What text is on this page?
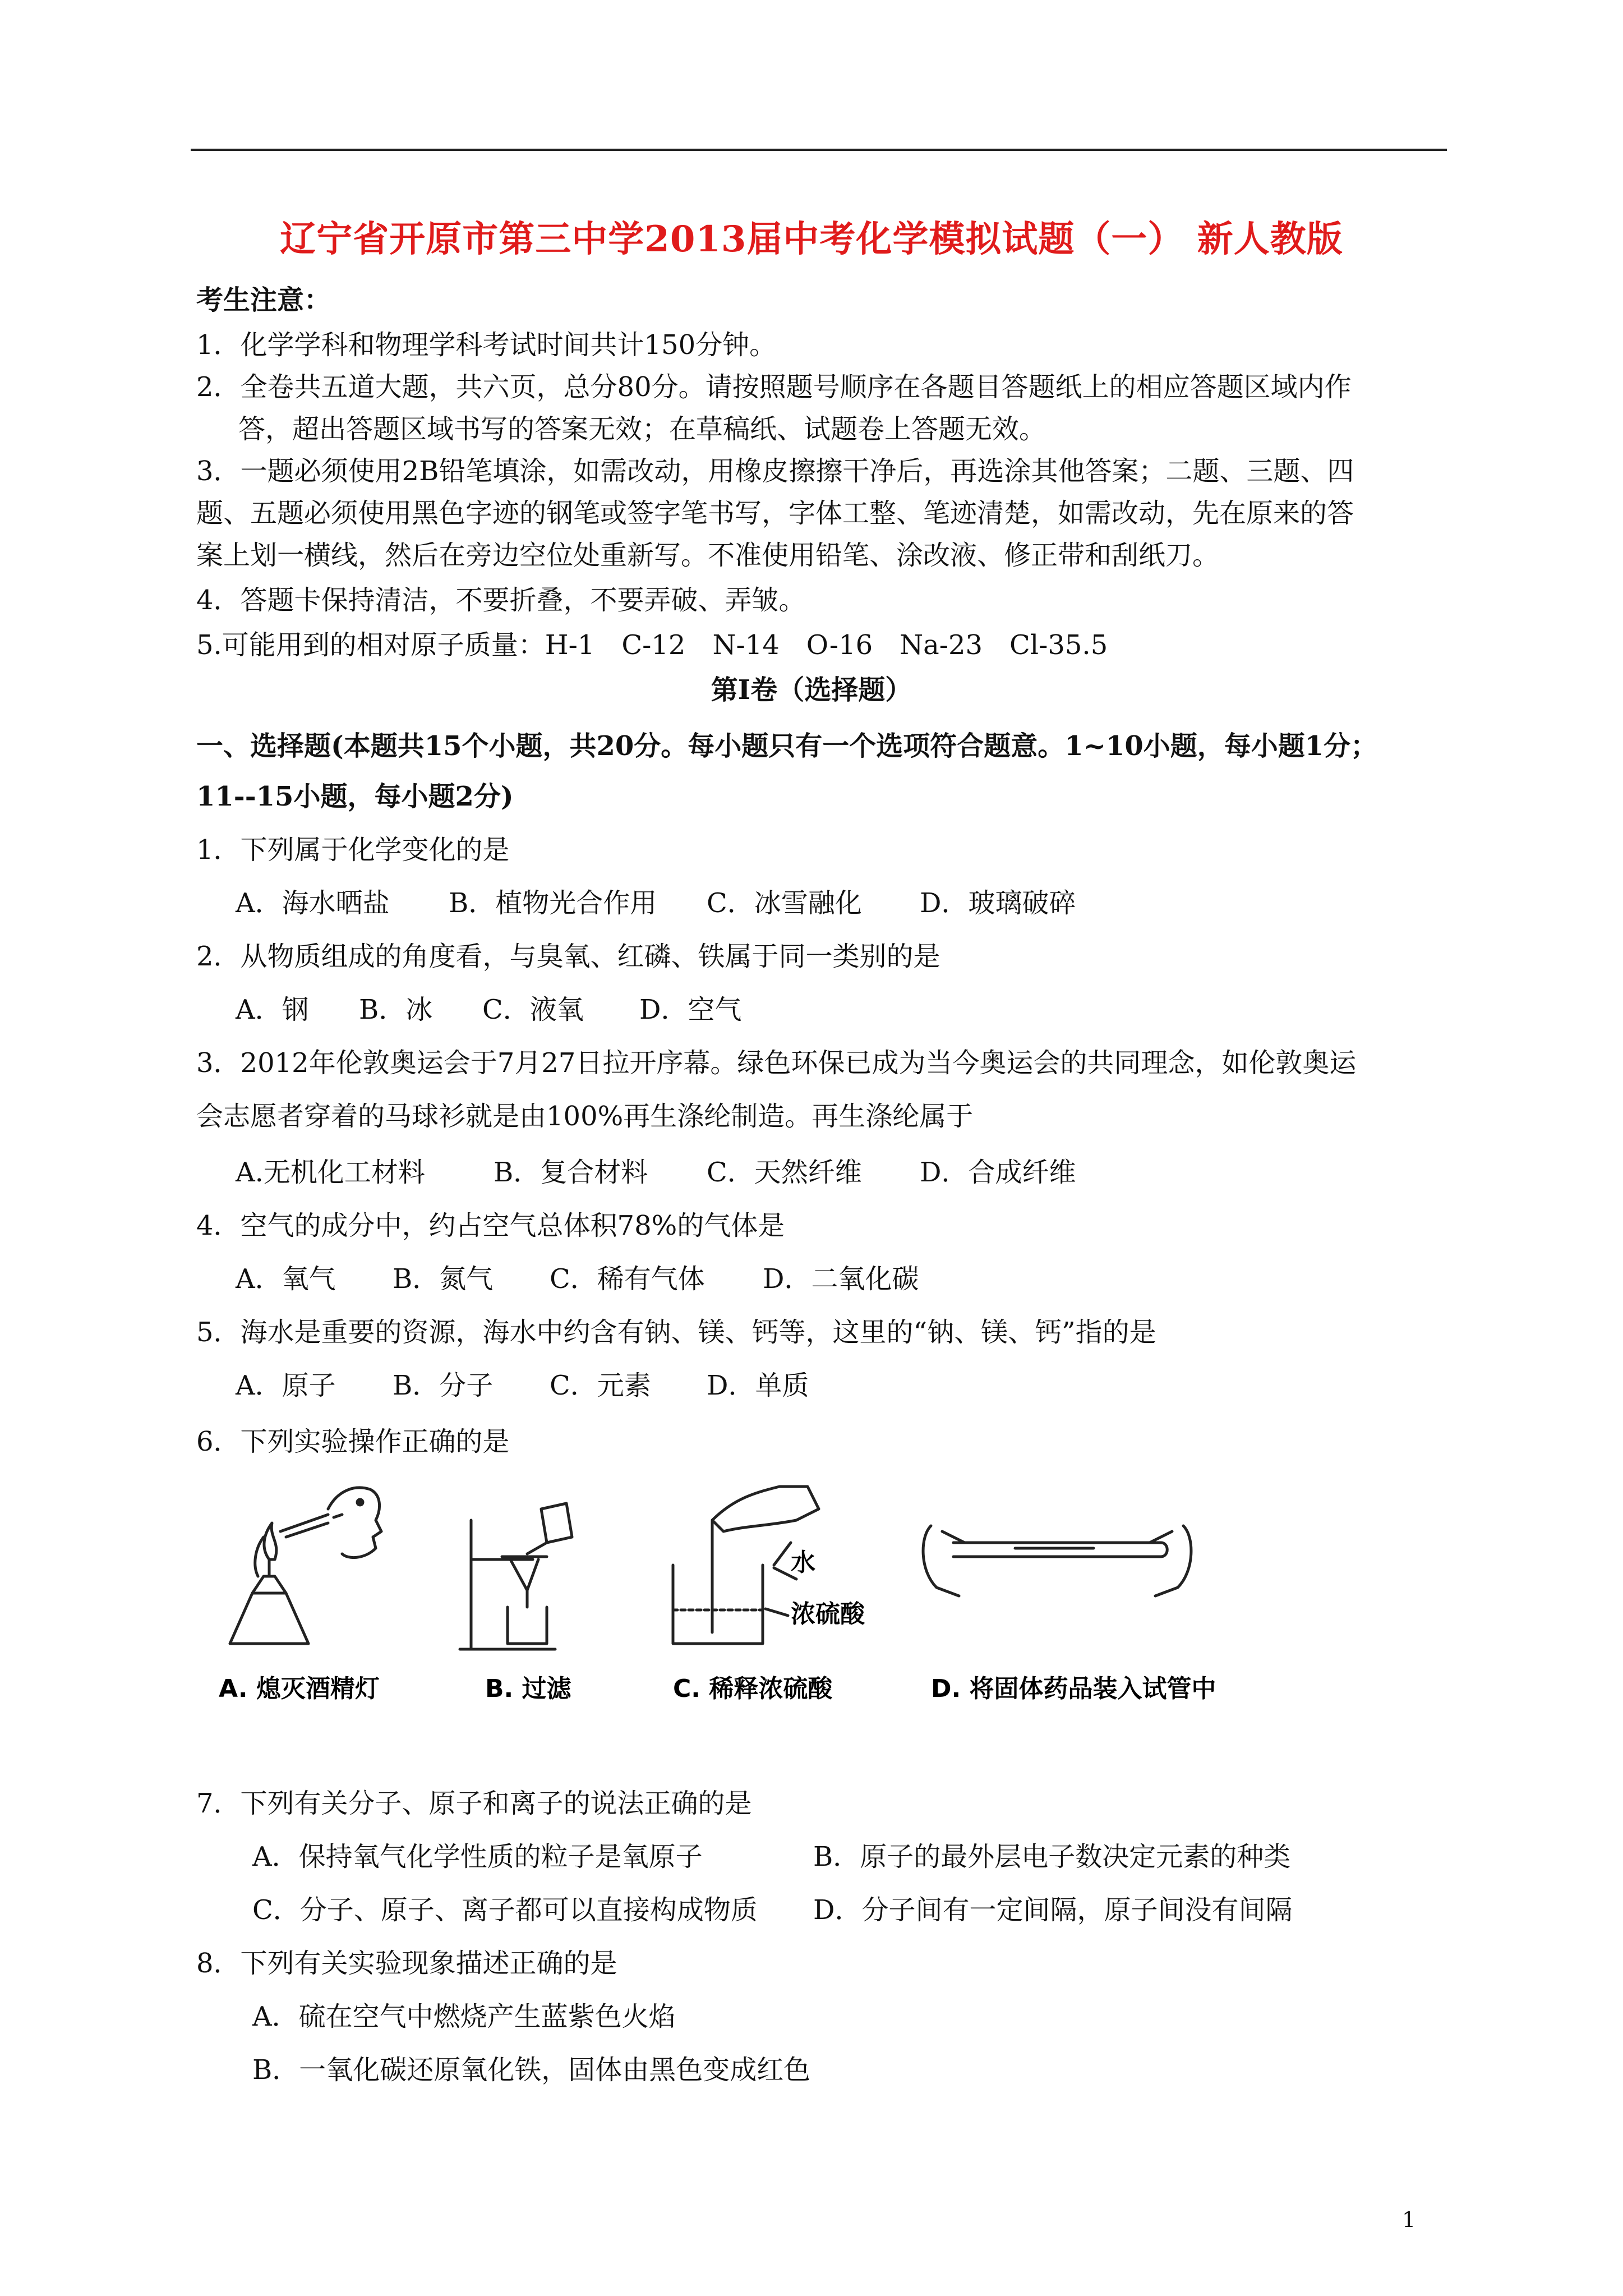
辽宁省开原市第三中学2013届中考化学模拟试题（一） 新人教版
考生注意：
1．化学学科和物理学科考试时间共计150分钟。
2．全卷共五道大题，共六页，总分80分。请按照题号顺序在各题目答题纸上的相应答题区域内作
答，超出答题区域书写的答案无效；在草稿纸、试题卷上答题无效。
3．一题必须使用2B铅笔填涂，如需改动，用橡皮擦擦干净后，再选涂其他答案；二题、三题、四
题、五题必须使用黑色字迹的钢笔或签字笔书写，字体工整、笔迹清楚，如需改动，先在原来的答
案上划一横线，然后在旁边空位处重新写。不准使用铅笔、涂改液、修正带和刮纸刀。
4．答题卡保持清洁，不要折叠，不要弄破、弄皱。
5.可能用到的相对原子质量：H-1　C-12　N-14　O-16　Na-23　Cl-35.5
第Ⅰ卷（选择题）
一、选择题(本题共15个小题，共20分。每小题只有一个选项符合题意。1~10小题，每小题1分；
11--15小题，每小题2分)
1．下列属于化学变化的是
A．海水晒盐 B．植物光合作用 C．冰雪融化 D．玻璃破碎
2．从物质组成的角度看，与臭氧、红磷、铁属于同一类别的是
A．钢 B．冰 C．液氧 D．空气
3．2012年伦敦奥运会于7月27日拉开序幕。绿色环保已成为当今奥运会的共同理念，如伦敦奥运
会志愿者穿着的马球衫就是由100%再生涤纶制造。再生涤纶属于
A.无机化工材料	B．复合材料 C．天然纤维 D．合成纤维
4．空气的成分中，约占空气总体积78%的气体是
A．氧气 B．氮气 C．稀有气体 D．二氧化碳
5．海水是重要的资源，海水中约含有钠、镁、钙等，这里的“钠、镁、钙”指的是
A．原子 B．分子 C．元素 D．单质
6．下列实验操作正确的是
水
浓硫酸
A. 熄灭酒精灯	B. 过滤	C. 稀释浓硫酸	D. 将固体药品装入试管中
7．下列有关分子、原子和离子的说法正确的是
A．保持氧气化学性质的粒子是氧原子	B．原子的最外层电子数决定元素的种类
C．分子、原子、离子都可以直接构成物质 D．分子间有一定间隔，原子间没有间隔
8．下列有关实验现象描述正确的是
A．硫在空气中燃烧产生蓝紫色火焰
B．一氧化碳还原氧化铁，固体由黑色变成红色
1
